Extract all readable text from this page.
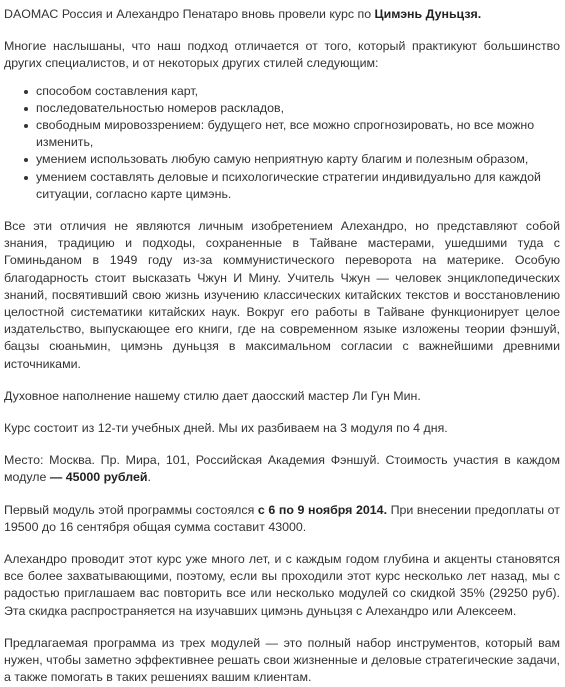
DAOMAC Россия и Алехандро Пенатаро вновь провели курс по Цимэнь Дуньцзя.

Многие наслышаны, что наш подход отличается от того, который практикуют большинство других специалистов, и от некоторых других стилей следующим:

способом составления карт,
последовательностью номеров раскладов,
свободным мировоззрением: будущего нет, все можно спрогнозировать, но все можно изменить,
умением использовать любую самую неприятную карту благим и полезным образом,
умением составлять деловые и психологические стратегии индивидуально для каждой ситуации, согласно карте цимэнь.

Все эти отличия не являются личным изобретением Алехандро, но представляют собой знания, традицию и подходы, сохраненные в Тайване мастерами, ушедшими туда с Гоминьданом в 1949 году из-за коммунистического переворота на материке. Особую благодарность стоит высказать Чжун И Мину. Учитель Чжун — человек энциклопедических знаний, посвятивший свою жизнь изучению классических китайских текстов и восстановлению целостной систематики китайских наук. Вокруг его работы в Тайване функционирует целое издательство, выпускающее его книги, где на современном языке изложены теории фэншуй, бацзы сюаньмин, цимэнь дуньцзя в максимальном согласии с важнейшими древними источниками.

Духовное наполнение нашему стилю дает даосский мастер Ли Гун Мин.

Курс состоит из 12-ти учебных дней. Мы их разбиваем на 3 модуля по 4 дня.

Место: Москва. Пр. Мира, 101, Российская Академия Фэншуй. Стоимость участия в каждом модуле — 45000 рублей.

Первый модуль этой программы состоялся с 6 по 9 ноября 2014. При внесении предоплаты от 19500 до 16 сентября общая сумма составит 43000.

Алехандро проводит этот курс уже много лет, и с каждым годом глубина и акценты становятся все более захватывающими, поэтому, если вы проходили этот курс несколько лет назад, мы с радостью приглашаем вас повторить все или несколько модулей со скидкой 35% (29250 руб). Эта скидка распространяется на изучавших цимэнь дуньцзя с Алехандро или Алексеем.

Предлагаемая программа из трех модулей — это полный набор инструментов, который вам нужен, чтобы заметно эффективнее решать свои жизненные и деловые стратегические задачи, а также помогать в таких решениях вашим клиентам.
